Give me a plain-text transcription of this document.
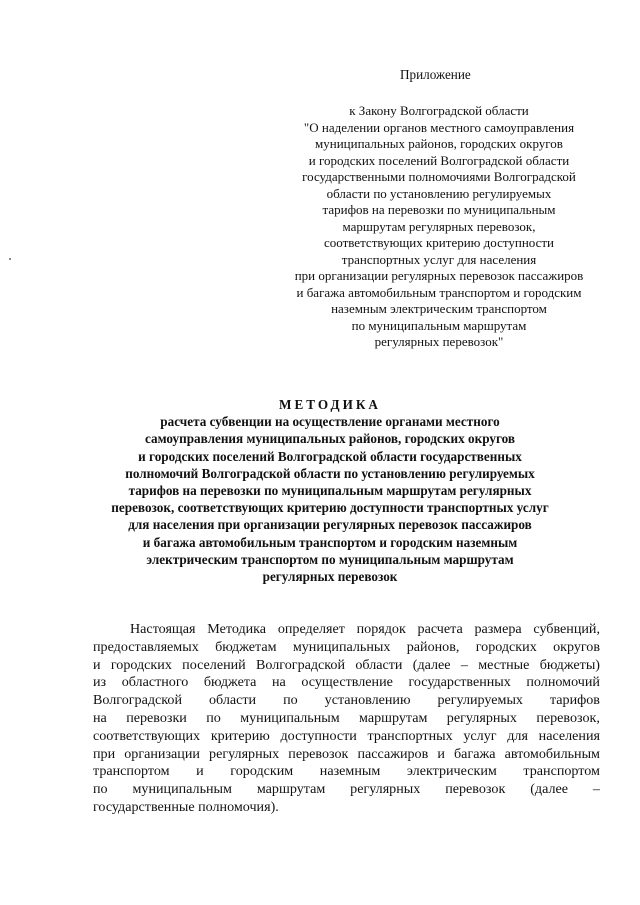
Приложение
к Закону Волгоградской области
"О наделении органов местного самоуправления
муниципальных районов, городских округов
и городских поселений Волгоградской области
государственными полномочиями Волгоградской
области по установлению регулируемых
тарифов на перевозки по муниципальным
маршрутам регулярных перевозок,
соответствующих критерию доступности
транспортных услуг для населения
при организации регулярных перевозок пассажиров
и багажа автомобильным транспортом и городским
наземным электрическим транспортом
по муниципальным маршрутам
регулярных перевозок"
МЕТОДИКА
расчета субвенции на осуществление органами местного
самоуправления муниципальных районов, городских округов
и городских поселений Волгоградской области государственных
полномочий Волгоградской области по установлению регулируемых
тарифов на перевозки по муниципальным маршрутам регулярных
перевозок, соответствующих критерию доступности транспортных услуг
для населения при организации регулярных перевозок пассажиров
и багажа автомобильным транспортом и городским наземным
электрическим транспортом по муниципальным маршрутам
регулярных перевозок
Настоящая Методика определяет порядок расчета размера субвенций,
предоставляемых бюджетам муниципальных районов, городских округов
и городских поселений Волгоградской области (далее – местные бюджеты)
из областного бюджета на осуществление государственных полномочий
Волгоградской области по установлению регулируемых тарифов
на перевозки по муниципальным маршрутам регулярных перевозок,
соответствующих критерию доступности транспортных услуг для населения
при организации регулярных перевозок пассажиров и багажа автомобильным
транспортом и городским наземным электрическим транспортом
по муниципальным маршрутам регулярных перевозок (далее –
государственные полномочия).
